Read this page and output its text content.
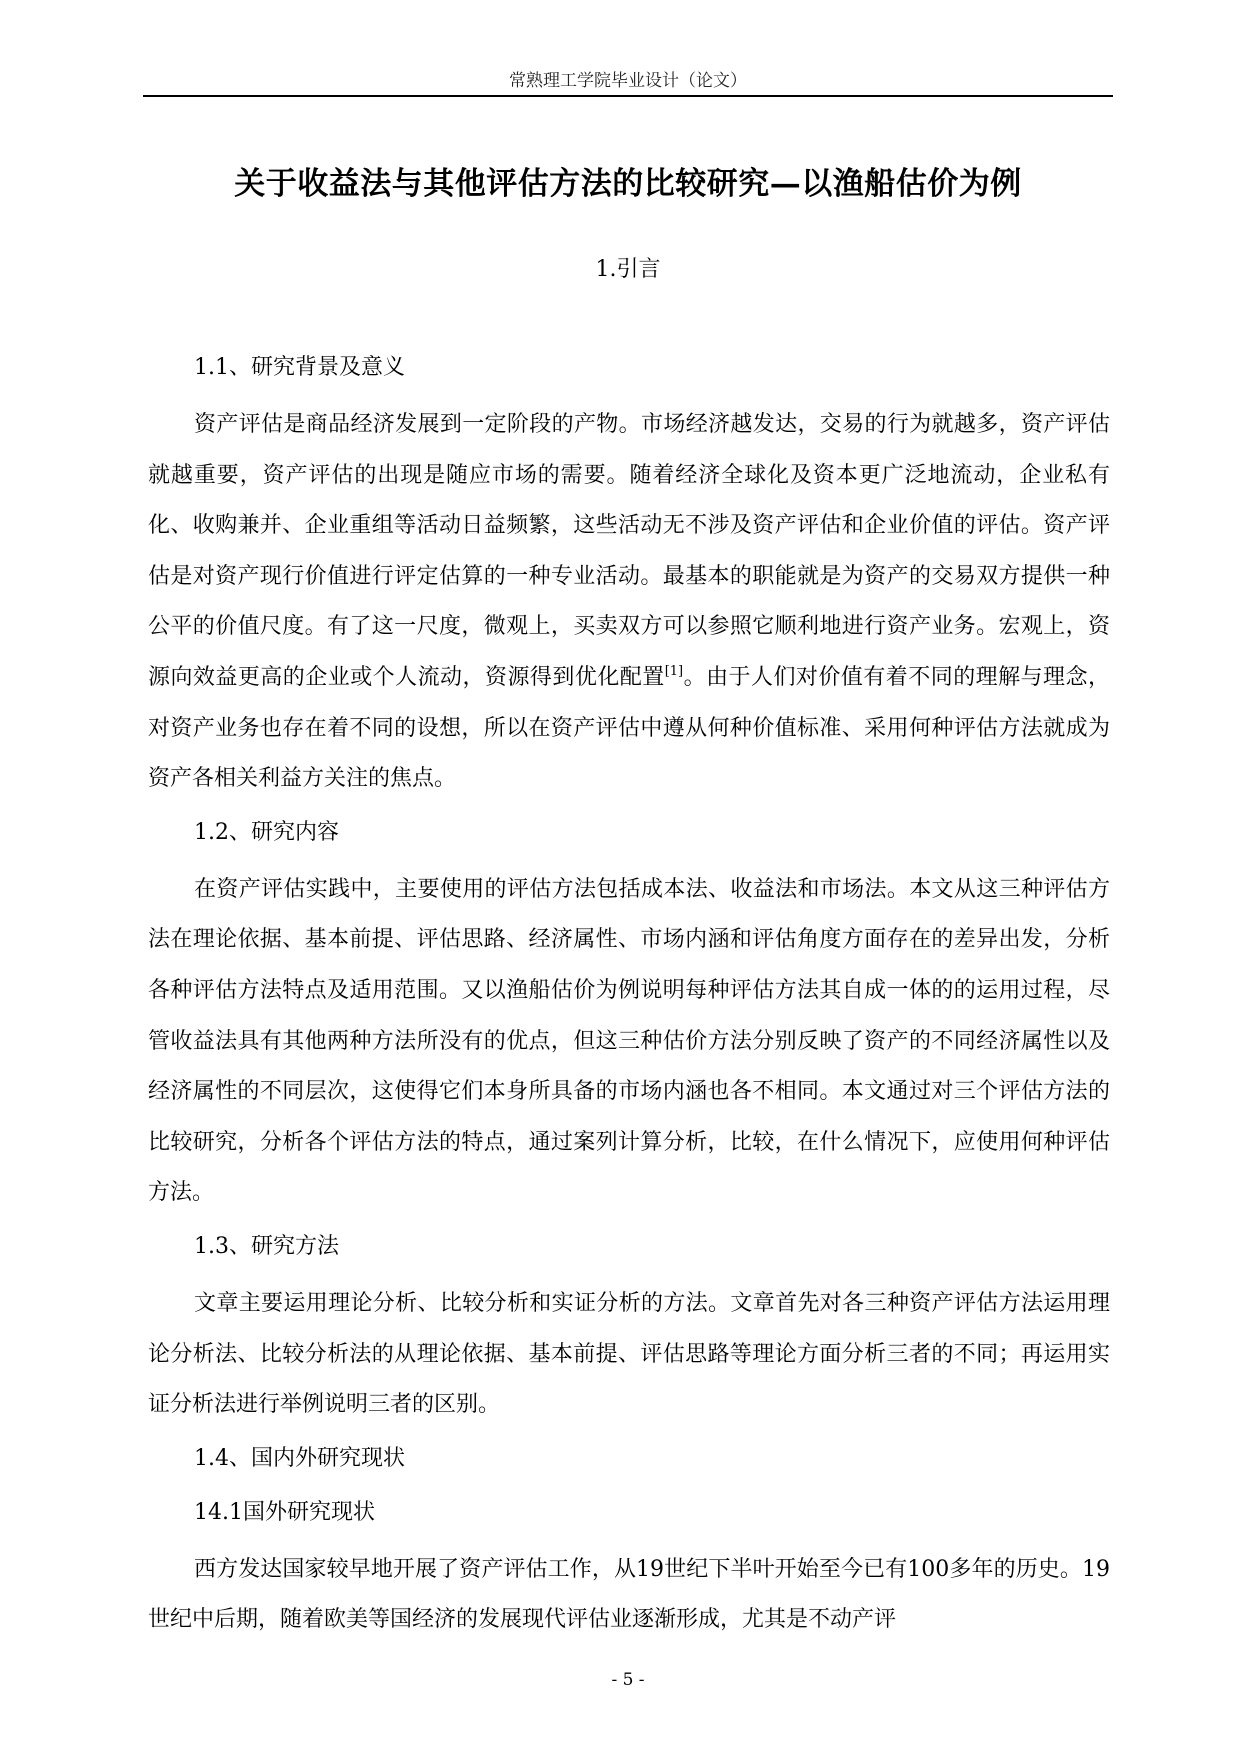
常熟理工学院毕业设计（论文）
关于收益法与其他评估方法的比较研究—以渔船估价为例
1.引言
1.1、研究背景及意义

资产评估是商品经济发展到一定阶段的产物。市场经济越发达，交易的行为就越多，资产评估就越重要，资产评估的出现是随应市场的需要。随着经济全球化及资本更广泛地流动，企业私有化、收购兼并、企业重组等活动日益频繁，这些活动无不涉及资产评估和企业价值的评估。资产评估是对资产现行价值进行评定估算的一种专业活动。最基本的职能就是为资产的交易双方提供一种公平的价值尺度。有了这一尺度，微观上，买卖双方可以参照它顺利地进行资产业务。宏观上，资源向效益更高的企业或个人流动，资源得到优化配置[1]。由于人们对价值有着不同的理解与理念，对资产业务也存在着不同的设想，所以在资产评估中遵从何种价值标准、采用何种评估方法就成为资产各相关利益方关注的焦点。

1.2、研究内容

在资产评估实践中，主要使用的评估方法包括成本法、收益法和市场法。本文从这三种评估方法在理论依据、基本前提、评估思路、经济属性、市场内涵和评估角度方面存在的差异出发，分析各种评估方法特点及适用范围。又以渔船估价为例说明每种评估方法其自成一体的的运用过程，尽管收益法具有其他两种方法所没有的优点，但这三种估价方法分别反映了资产的不同经济属性以及经济属性的不同层次，这使得它们本身所具备的市场内涵也各不相同。本文通过对三个评估方法的比较研究，分析各个评估方法的特点，通过案列计算分析，比较，在什么情况下，应使用何种评估方法。

1.3、研究方法

文章主要运用理论分析、比较分析和实证分析的方法。文章首先对各三种资产评估方法运用理论分析法、比较分析法的从理论依据、基本前提、评估思路等理论方面分析三者的不同；再运用实证分析法进行举例说明三者的区别。

1.4、国内外研究现状
14.1国外研究现状

西方发达国家较早地开展了资产评估工作，从19世纪下半叶开始至今已有100多年的历史。19世纪中后期，随着欧美等国经济的发展现代评估业逐渐形成，尤其是不动产评

- 5 -
